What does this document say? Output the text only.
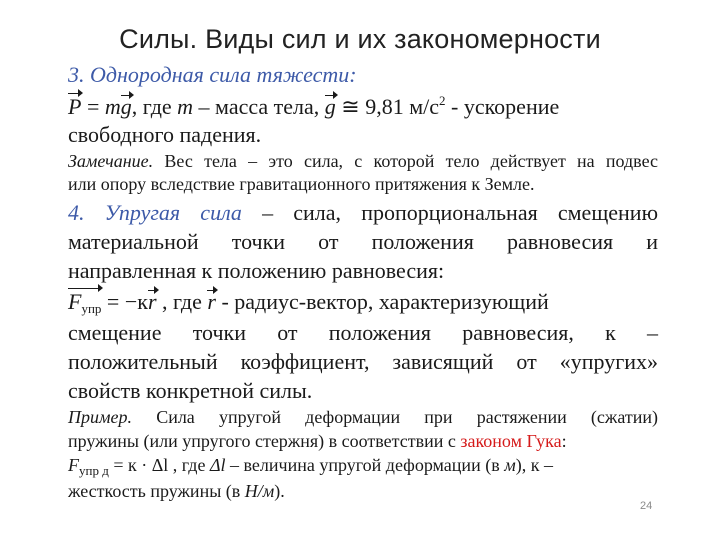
Силы. Виды сил и их закономерности
3. Однородная сила тяжести:
P = mg, где m – масса тела, g ≅ 9,81 $м/с^2$ - ускорение
свободного падения.
Замечание. Вес тела – это сила, с которой тело действует на подвес
или опору вследствие гравитационного притяжения к Земле.
4. Упругая сила – сила, пропорциональная смещению
материальной точки от положения равновесия и
направленная к положению равновесия:
$F_{упр} = -кr$ , где r - радиус-вектор, характеризующий
смещение точки от положения равновесия, к –
положительный коэффициент, зависящий от «упругих»
свойств конкретной силы.
Пример. Сила упругой деформации при растяжении (сжатии)
пружины (или упругого стержня) в соответствии с законом Гука:
$F_{упр д} = к \cdot \Delta l$ , где Δl – величина упругой деформации (в м), к –
жесткость пружины (в Н/м).
24
